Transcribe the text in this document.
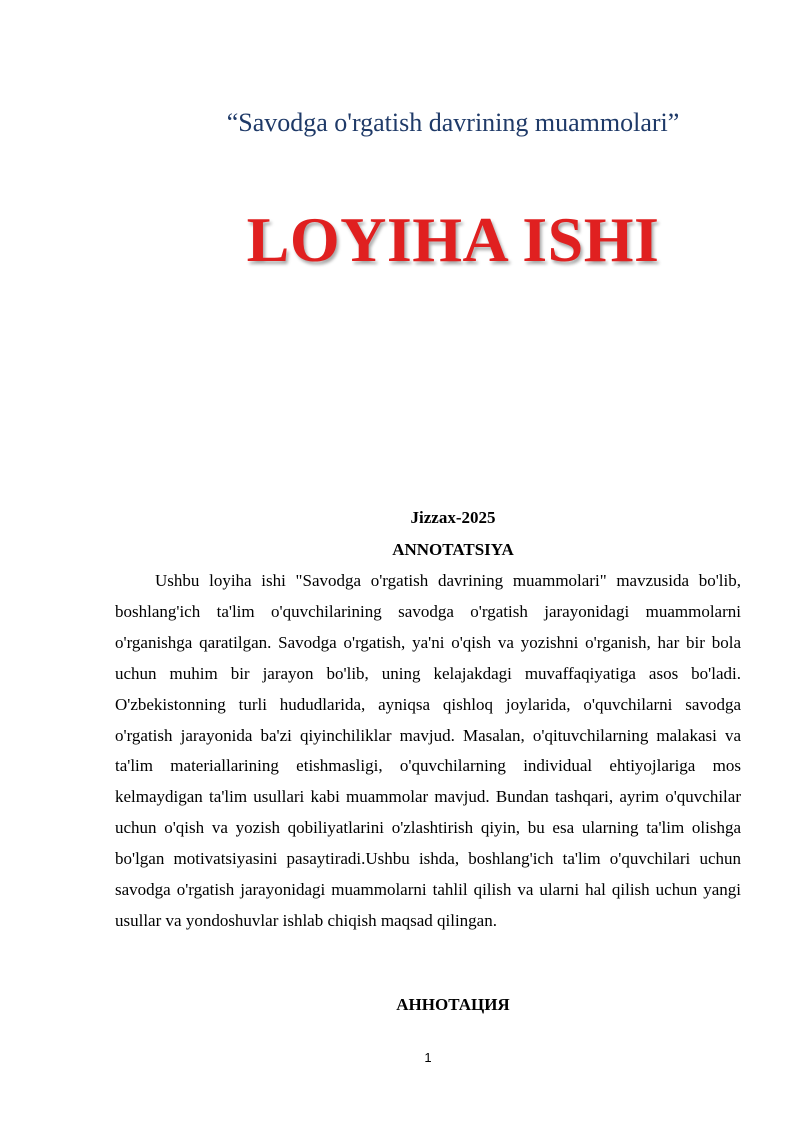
“Savodga o'rgatish davrining muammolari”
LOYIHA ISHI
Jizzax-2025
ANNOTATSIYA

Ushbu loyiha ishi "Savodga o'rgatish davrining muammolari" mavzusida bo'lib, boshlang'ich ta'lim o'quvchilarining savodga o'rgatish jarayonidagi muammolarni o'rganishga qaratilgan. Savodga o'rgatish, ya'ni o'qish va yozishni o'rganish, har bir bola uchun muhim bir jarayon bo'lib, uning kelajakdagi muvaffaqiyatiga asos bo'ladi. O'zbekistonning turli hududlarida, ayniqsa qishloq joylarida, o'quvchilarni savodga o'rgatish jarayonida ba'zi qiyinchiliklar mavjud. Masalan, o'qituvchilarning malakasi va ta'lim materiallarining etishmasligi, o'quvchilarning individual ehtiyojlariga mos kelmaydigan ta'lim usullari kabi muammolar mavjud. Bundan tashqari, ayrim o'quvchilar uchun o'qish va yozish qobiliyatlarini o'zlashtirish qiyin, bu esa ularning ta'lim olishga bo'lgan motivatsiyasini pasaytiradi.Ushbu ishda, boshlang'ich ta'lim o'quvchilari uchun savodga o'rgatish jarayonidagi muammolarni tahlil qilish va ularni hal qilish uchun yangi usullar va yondoshuvlar ishlab chiqish maqsad qilingan.

АННОТАЦИЯ
1
